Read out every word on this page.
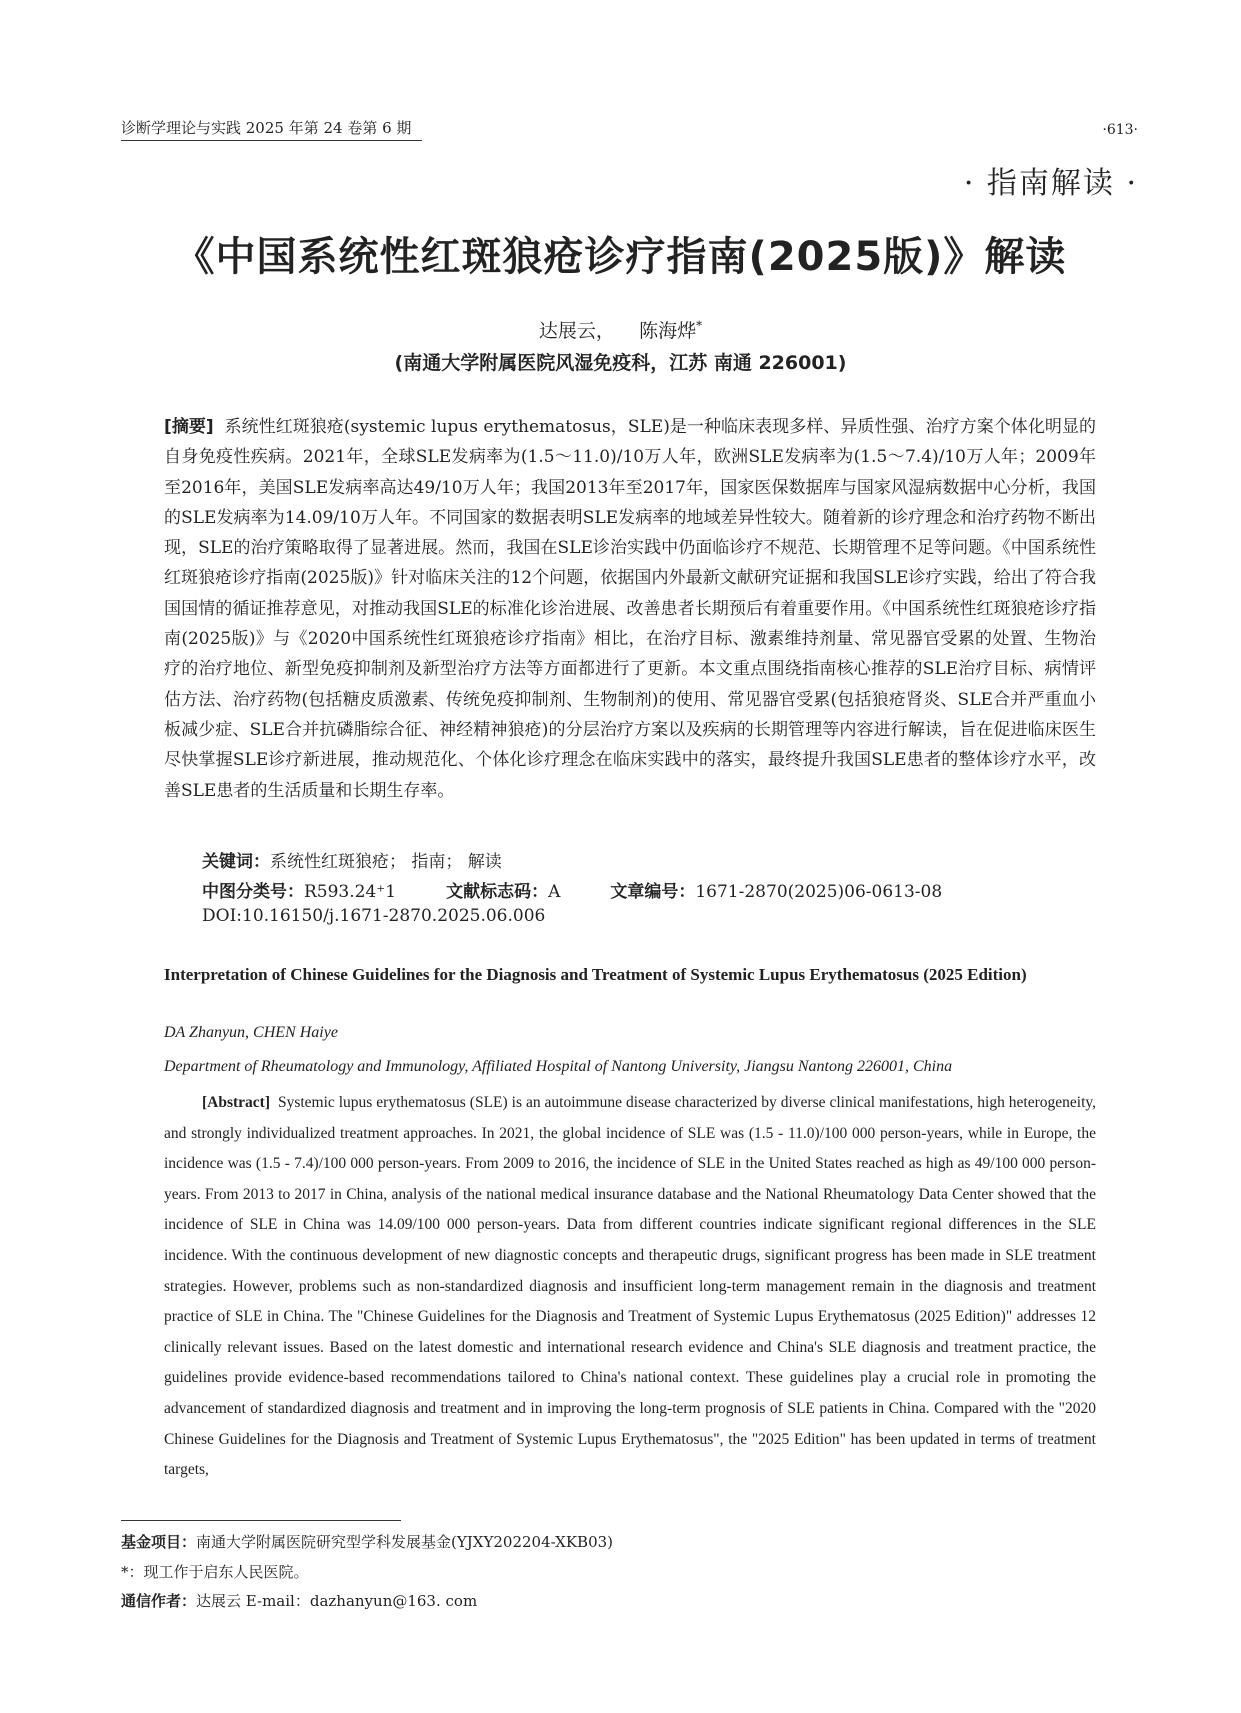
诊断学理论与实践 2025 年第 24 卷第 6 期	·613·
· 指南解读 ·
《中国系统性红斑狼疮诊疗指南(2025版)》解读
达展云， 陈海烨*
(南通大学附属医院风湿免疫科，江苏 南通 226001)
[摘要] 系统性红斑狼疮(systemic lupus erythematosus，SLE)是一种临床表现多样、异质性强、治疗方案个体化明显的自身免疫性疾病。2021年，全球SLE发病率为(1.5～11.0)/10万人年，欧洲SLE发病率为(1.5～7.4)/10万人年；2009年至2016年，美国SLE发病率高达49/10万人年；我国2013年至2017年，国家医保数据库与国家风湿病数据中心分析，我国的SLE发病率为14.09/10万人年。不同国家的数据表明SLE发病率的地域差异性较大。随着新的诊疗理念和治疗药物不断出现，SLE的治疗策略取得了显著进展。然而，我国在SLE诊治实践中仍面临诊疗不规范、长期管理不足等问题。《中国系统性红斑狼疮诊疗指南(2025版)》针对临床关注的12个问题，依据国内外最新文献研究证据和我国SLE诊疗实践，给出了符合我国国情的循证推荐意见，对推动我国SLE的标准化诊治进展、改善患者长期预后有着重要作用。《中国系统性红斑狼疮诊疗指南(2025版)》与《2020中国系统性红斑狼疮诊疗指南》相比，在治疗目标、激素维持剂量、常见器官受累的处置、生物治疗的治疗地位、新型免疫抑制剂及新型治疗方法等方面都进行了更新。本文重点围绕指南核心推荐的SLE治疗目标、病情评估方法、治疗药物(包括糖皮质激素、传统免疫抑制剂、生物制剂)的使用、常见器官受累(包括狼疮肾炎、SLE合并严重血小板减少症、SLE合并抗磷脂综合征、神经精神狼疮)的分层治疗方案以及疾病的长期管理等内容进行解读，旨在促进临床医生尽快掌握SLE诊疗新进展，推动规范化、个体化诊疗理念在临床实践中的落实，最终提升我国SLE患者的整体诊疗水平，改善SLE患者的生活质量和长期生存率。
关键词：系统性红斑狼疮； 指南； 解读
中图分类号：R593.24⁺1	文献标志码：A	文章编号：1671-2870(2025)06-0613-08
DOI:10.16150/j.1671-2870.2025.06.006
Interpretation of Chinese Guidelines for the Diagnosis and Treatment of Systemic Lupus Erythematosus (2025 Edition)
DA Zhanyun, CHEN Haiye
Department of Rheumatology and Immunology, Affiliated Hospital of Nantong University, Jiangsu Nantong 226001, China
[Abstract] Systemic lupus erythematosus (SLE) is an autoimmune disease characterized by diverse clinical manifestations, high heterogeneity, and strongly individualized treatment approaches. In 2021, the global incidence of SLE was (1.5 - 11.0)/100 000 person-years, while in Europe, the incidence was (1.5 - 7.4)/100 000 person-years. From 2009 to 2016, the incidence of SLE in the United States reached as high as 49/100 000 person-years. From 2013 to 2017 in China, analysis of the national medical insurance database and the National Rheumatology Data Center showed that the incidence of SLE in China was 14.09/100 000 person-years. Data from different countries indicate significant regional differences in the SLE incidence. With the continuous development of new diagnostic concepts and therapeutic drugs, significant progress has been made in SLE treatment strategies. However, problems such as non-standardized diagnosis and insufficient long-term management remain in the diagnosis and treatment practice of SLE in China. The "Chinese Guidelines for the Diagnosis and Treatment of Systemic Lupus Erythematosus (2025 Edition)" addresses 12 clinically relevant issues. Based on the latest domestic and international research evidence and China's SLE diagnosis and treatment practice, the guidelines provide evidence-based recommendations tailored to China's national context. These guidelines play a crucial role in promoting the advancement of standardized diagnosis and treatment and in improving the long-term prognosis of SLE patients in China. Compared with the "2020 Chinese Guidelines for the Diagnosis and Treatment of Systemic Lupus Erythematosus", the "2025 Edition" has been updated in terms of treatment targets,
基金项目：南通大学附属医院研究型学科发展基金(YJXY202204-XKB03)
*：现工作于启东人民医院。
通信作者：达展云 E-mail：dazhanyun@163. com
